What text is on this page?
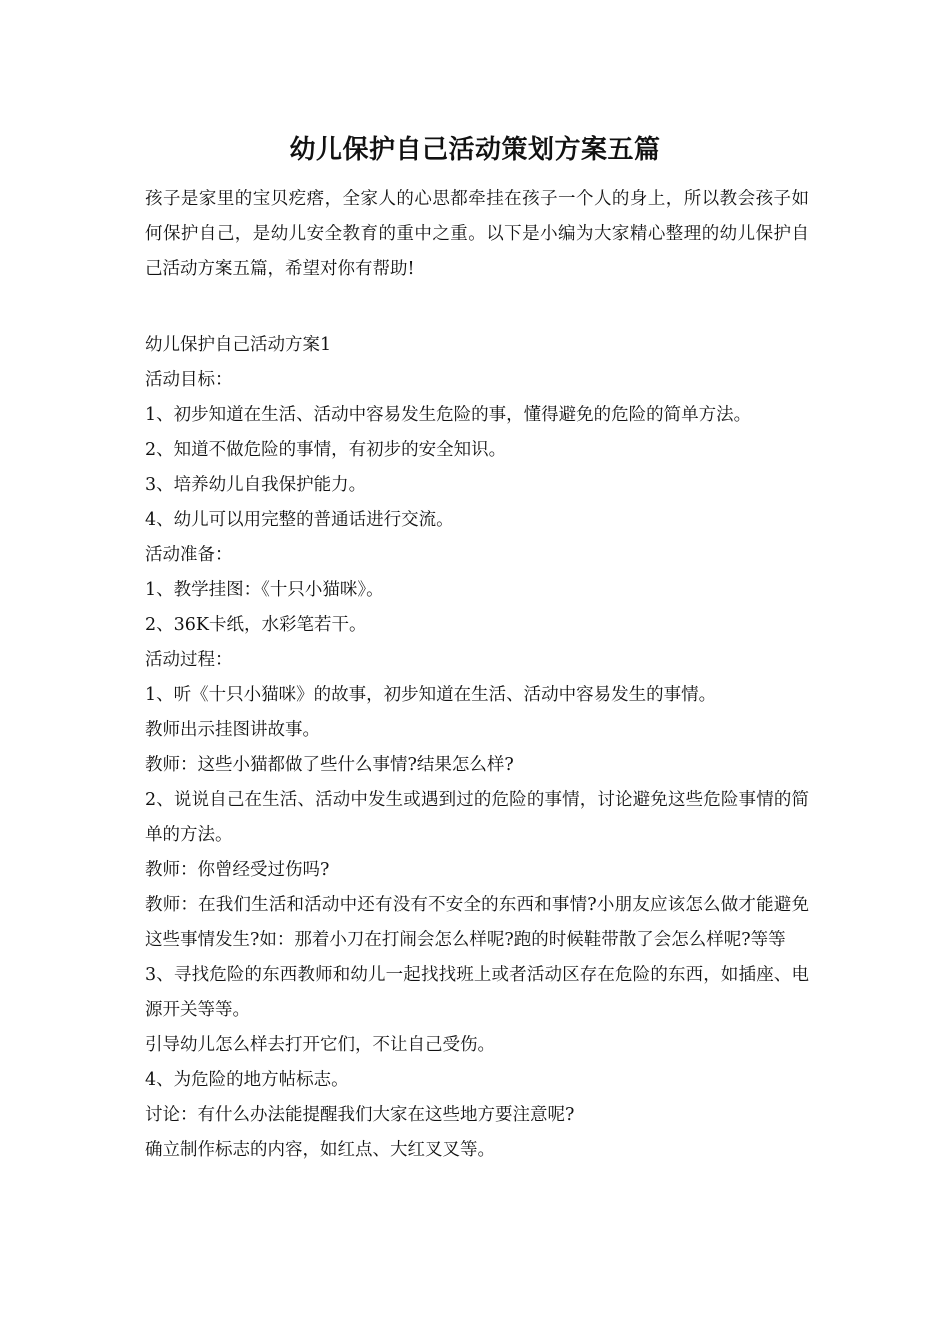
幼儿保护自己活动策划方案五篇

孩子是家里的宝贝疙瘩，全家人的心思都牵挂在孩子一个人的身上，所以教会孩子如何保护自己，是幼儿安全教育的重中之重。以下是小编为大家精心整理的幼儿保护自己活动方案五篇，希望对你有帮助!

幼儿保护自己活动方案1

活动目标：

1、初步知道在生活、活动中容易发生危险的事，懂得避免的危险的简单方法。

2、知道不做危险的事情，有初步的安全知识。

3、培养幼儿自我保护能力。

4、幼儿可以用完整的普通话进行交流。

活动准备：

1、教学挂图：《十只小猫咪》。

2、36K卡纸，水彩笔若干。

活动过程：

1、听《十只小猫咪》的故事，初步知道在生活、活动中容易发生的事情。

教师出示挂图讲故事。

教师：这些小猫都做了些什么事情?结果怎么样?

2、说说自己在生活、活动中发生或遇到过的危险的事情，讨论避免这些危险事情的简单的方法。

教师：你曾经受过伤吗?

教师：在我们生活和活动中还有没有不安全的东西和事情?小朋友应该怎么做才能避免这些事情发生?如：那着小刀在打闹会怎么样呢?跑的时候鞋带散了会怎么样呢?等等

3、寻找危险的东西教师和幼儿一起找找班上或者活动区存在危险的东西，如插座、电源开关等等。

引导幼儿怎么样去打开它们，不让自己受伤。

4、为危险的地方帖标志。

讨论：有什么办法能提醒我们大家在这些地方要注意呢?

确立制作标志的内容，如红点、大红叉叉等。
